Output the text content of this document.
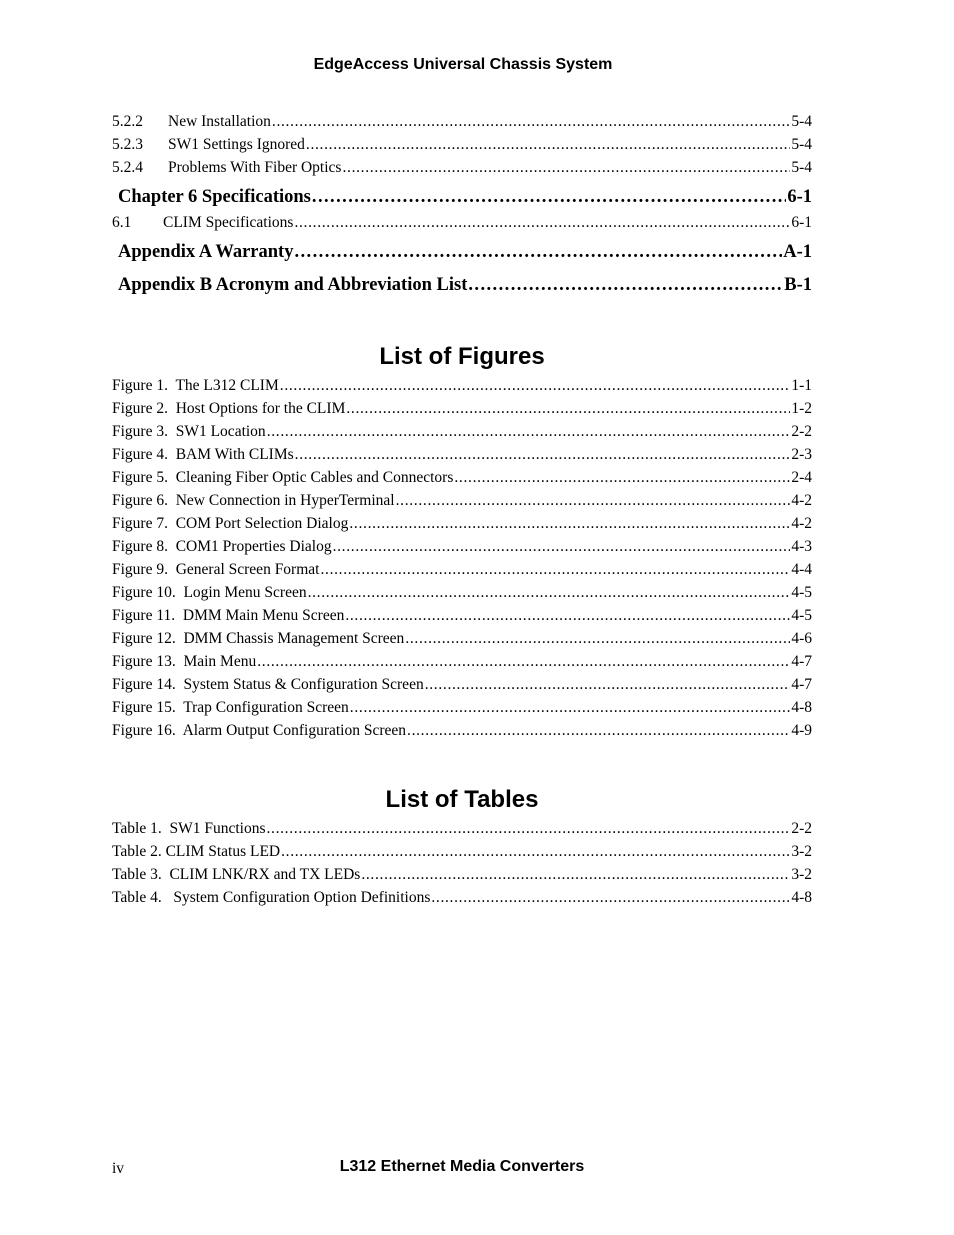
EdgeAccess Universal Chassis System
5.2.2	New Installation . . .	5-4
5.2.3	SW1 Settings Ignored . . .	5-4
5.2.4	Problems With Fiber Optics . . .	5-4
Chapter 6 Specifications . . .	6-1
6.1	CLIM Specifications . . .	6-1
Appendix A Warranty . . .	A-1
Appendix B Acronym and Abbreviation List . . .	B-1
List of Figures
Figure 1.  The L312 CLIM . . .	1-1
Figure 2.  Host Options for the CLIM . . .	1-2
Figure 3.  SW1 Location . . .	2-2
Figure 4.  BAM With CLIMs . . .	2-3
Figure 5.  Cleaning Fiber Optic Cables and Connectors . . .	2-4
Figure 6.  New Connection in HyperTerminal . . .	4-2
Figure 7.  COM Port Selection Dialog . . .	4-2
Figure 8.  COM1 Properties Dialog . . .	4-3
Figure 9.  General Screen Format . . .	4-4
Figure 10.  Login Menu Screen . . .	4-5
Figure 11.  DMM Main Menu Screen . . .	4-5
Figure 12.  DMM Chassis Management Screen . . .	4-6
Figure 13.  Main Menu . . .	4-7
Figure 14.  System Status & Configuration Screen . . .	4-7
Figure 15.  Trap Configuration Screen . . .	4-8
Figure 16.  Alarm Output Configuration Screen . . .	4-9
List of Tables
Table 1.  SW1 Functions . . .	2-2
Table 2. CLIM Status LED . . .	3-2
Table 3.  CLIM LNK/RX and TX LEDs . . .	3-2
Table 4.   System Configuration Option Definitions . . .	4-8
iv	L312 Ethernet Media Converters
